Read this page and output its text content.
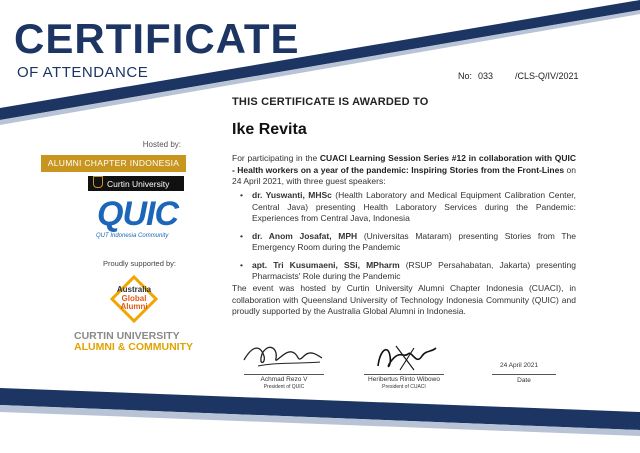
CERTIFICATE
OF ATTENDANCE	No: 033 /CLS-Q/IV/2021
THIS CERTIFICATE IS AWARDED TO
Ike Revita
For participating in the CUACI Learning Session Series #12 in collaboration with QUIC - Health workers on a year of the pandemic: Inspiring Stories from the Front-Lines on 24 April 2021, with three guest speakers:
• dr. Yuswanti, MHSc (Health Laboratory and Medical Equipment Calibration Center, Central Java) presenting Health Laboratory Services during the Pandemic: Experiences from Central Java, Indonesia
• dr. Anom Josafat, MPH (Universitas Mataram) presenting Stories from The Emergency Room during the Pandemic
• apt. Tri Kusumaeni, SSi, MPharm (RSUP Persahabatan, Jakarta) presenting Pharmacists' Role during the Pandemic
The event was hosted by Curtin University Alumni Chapter Indonesia (CUACI), in collaboration with Queensland University of Technology Indonesia Community (QUIC) and proudly supported by the Australia Global Alumni in Indonesia.
Hosted by:
ALUMNI CHAPTER INDONESIA
Curtin University
QUIC
QUT Indonesia Community
Proudly supported by:
Australia
Global
Alumni
CURTIN UNIVERSITY
ALUMNI & COMMUNITY
Achmad Rezo V
President of QUIC
Heribertus Rinto Wibowo
President of CUACI
24 April 2021
Date
